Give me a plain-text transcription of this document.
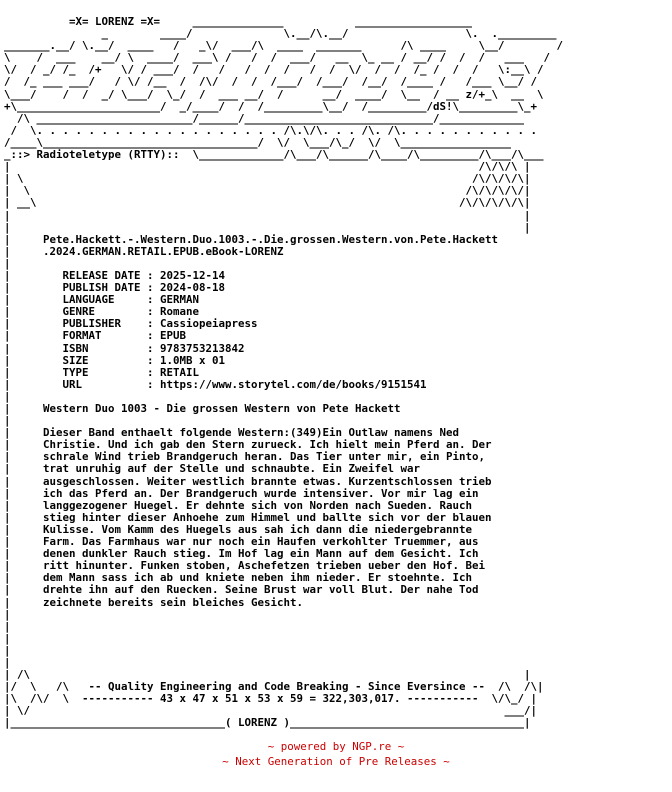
=X= LORENZ =X=     ______________           __________________
_        ____/              \.__/\.__/                  \.  ._________
_______.__/ \.__/  ____   /   _\/  ___/\  ____  _______      /\ ____     \__/        /
\    /  ___    __/ \  ____/  ___\ /   /  /  ___/   __  \_ __ / __/ /  /  /   ___   /
\/  / _/ /_  /+   \/ / ___/  /   /   /  /  /   /  /  \/  /  /  /_ /  /  /   \:__\ /
/  /_ ___ ___/   / \/ /__  /  /\/  /  /  /___/  /___/  /__/  /____ /   /___ \__/ /
\___/    /  /  _/ \___/  \_/  /  ___ __/  /      __/  ____/  \__  / __ z/+_\  __  \
+\______________________/  _/____/  /  /_________\__/  /_________/dS!\_________\_+
/\ ________________________/______/_____________________________/_____________
/  \. . . . . . . . . . . . . . . . . . . /\.\/\. . . /\. /\. . . . . . . . . . .
/____\_________________________________/  \/  \___/\_/  \/  \_________________
_::> Radioteletype (RTTY)::  \_____________/\___/\______/\____/\_________/\___/\___
|                                                                        /\/\/\ |
| \                                                                     /\/\/\/\|
|  \                                                                   /\/\/\/\/|
| __\                                                                 /\/\/\/\/\|
|                                                                               |
|                                                                               |
|     Pete.Hackett.-.Western.Duo.1003.-.Die.grossen.Western.von.Pete.Hackett
|     .2024.GERMAN.RETAIL.EPUB.eBook-LORENZ
|
|        RELEASE DATE : 2025-12-14
|        PUBLISH DATE : 2024-08-18
|        LANGUAGE     : GERMAN
|        GENRE        : Romane
|        PUBLISHER    : Cassiopeiapress
|        FORMAT       : EPUB
|        ISBN         : 9783753213842
|        SIZE         : 1.0MB x 01
|        TYPE         : RETAIL
|        URL          : https://www.storytel.com/de/books/9151541
|
|     Western Duo 1003 - Die grossen Western von Pete Hackett
|
|     Dieser Band enthaelt folgende Western:(349)Ein Outlaw namens Ned
|     Christie. Und ich gab den Stern zurueck. Ich hielt mein Pferd an. Der
|     schrale Wind trieb Brandgeruch heran. Das Tier unter mir, ein Pinto,
|     trat unruhig auf der Stelle und schnaubte. Ein Zweifel war
|     ausgeschlossen. Weiter westlich brannte etwas. Kurzentschlossen trieb
|     ich das Pferd an. Der Brandgeruch wurde intensiver. Vor mir lag ein
|     langgezogener Huegel. Er dehnte sich von Norden nach Sueden. Rauch
|     stieg hinter dieser Anhoehe zum Himmel und ballte sich vor der blauen
|     Kulisse. Vom Kamm des Huegels aus sah ich dann die niedergebrannte
|     Farm. Das Farmhaus war nur noch ein Haufen verkohlter Truemmer, aus
|     denen dunkler Rauch stieg. Im Hof lag ein Mann auf dem Gesicht. Ich
|     ritt hinunter. Funken stoben, Aschefetzen trieben ueber den Hof. Bei
|     dem Mann sass ich ab und kniete neben ihm nieder. Er stoehnte. Ich
|     drehte ihn auf den Ruecken. Seine Brust war voll Blut. Der nahe Tod
|     zeichnete bereits sein bleiches Gesicht.
|
|
|
|
|
| /\                                                                            |
|/  \   /\   -- Quality Engineering and Code Breaking - Since Eversince --  /\  /\|
|\  /\/  \  ----------- 43 x 47 x 51 x 53 x 59 = 322,303,017. -----------  \/\_/ |
| \/                                                                         ___/|
|_________________________________( LORENZ )____________________________________|
~ powered by NGP.re ~
~ Next Generation of Pre Releases ~
